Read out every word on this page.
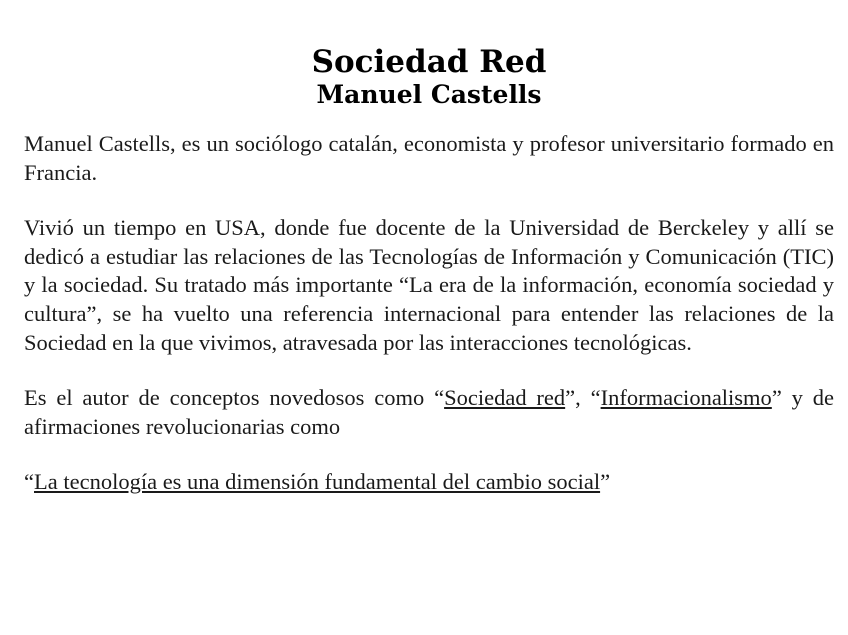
Sociedad Red
Manuel Castells

Manuel Castells, es un sociólogo catalán, economista y profesor universitario formado en Francia.

Vivió un tiempo en USA, donde fue docente de la Universidad de Berckeley y allí se dedicó a estudiar las relaciones de las Tecnologías de Información y Comunicación (TIC) y la sociedad. Su tratado más importante “La era de la información, economía sociedad y cultura”, se ha vuelto una referencia internacional para entender las relaciones de la Sociedad en la que vivimos, atravesada por las interacciones tecnológicas.

Es el autor de conceptos novedosos como “Sociedad red”, “Informacionalismo” y de afirmaciones revolucionarias como

“La tecnología es una dimensión fundamental del cambio social”
